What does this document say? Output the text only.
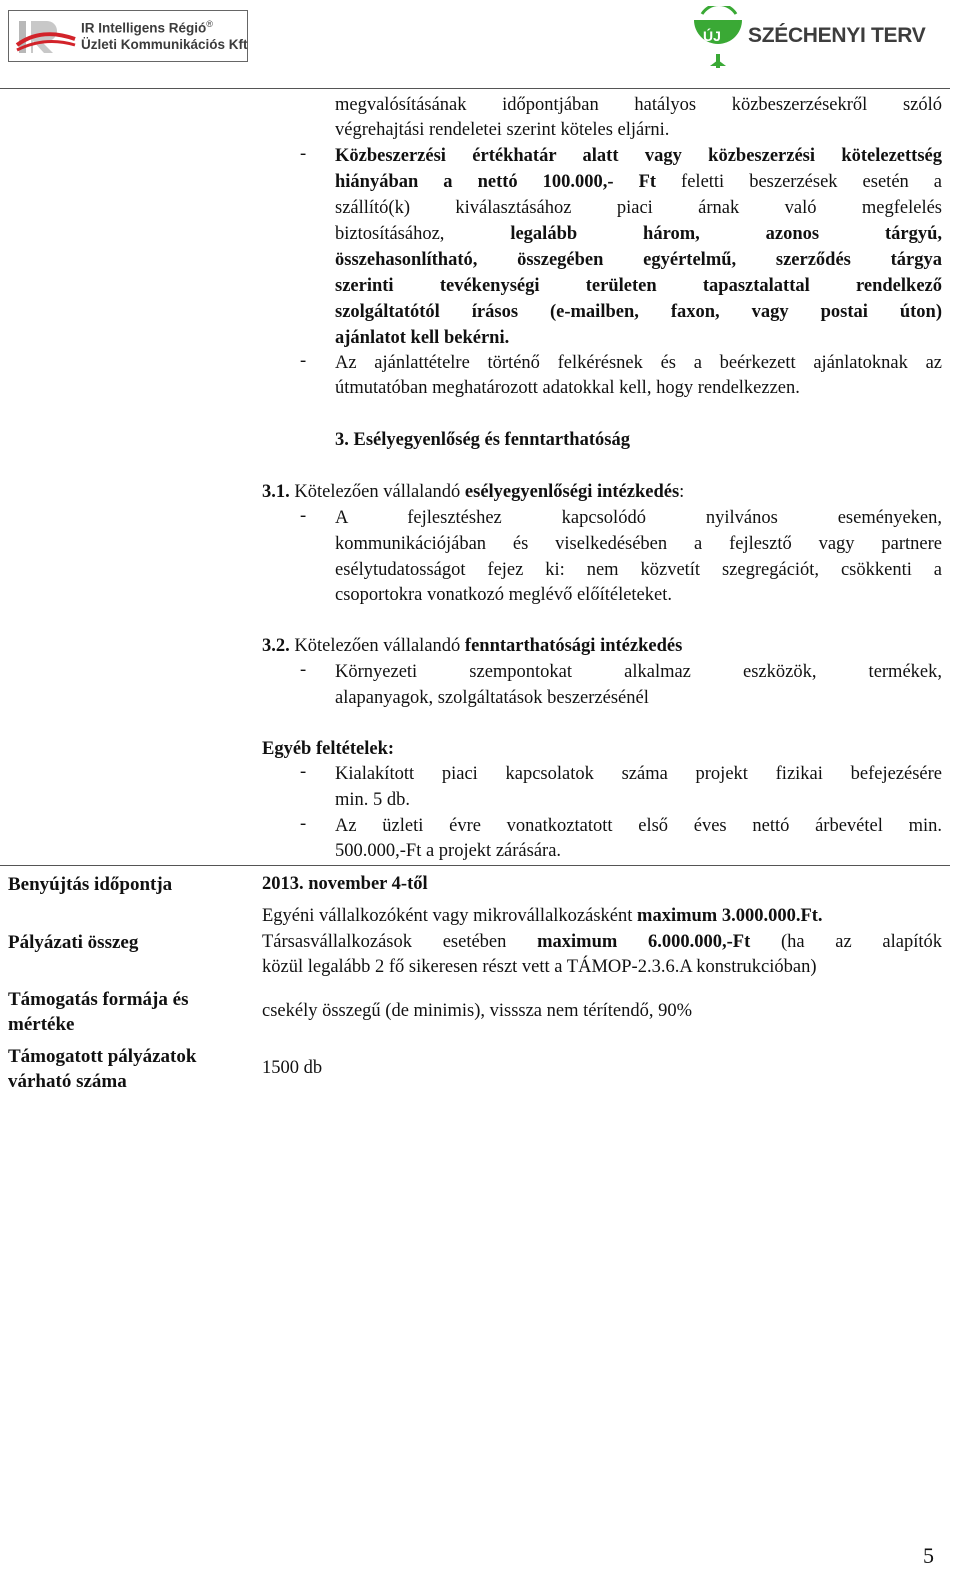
IR Intelligens Régió®
Üzleti Kommunikációs Kft
ÚJ SZÉCHENYI TERV
megvalósításának időpontjában hatályos közbeszerzésekről szóló
végrehajtási rendeletei szerint köteles eljárni.
- Közbeszerzési értékhatár alatt vagy közbeszerzési kötelezettség
hiányában a nettó 100.000,- Ft feletti beszerzések esetén a
szállító(k) kiválasztásához piaci árnak való megfelelés
biztosításához, legalább három, azonos tárgyú,
összehasonlítható, összegében egyértelmű, szerződés tárgya
szerinti tevékenységi területen tapasztalattal rendelkező
szolgáltatótól írásos (e-mailben, faxon, vagy postai úton)
ajánlatot kell bekérni.
- Az ajánlattételre történő felkérésnek és a beérkezett ajánlatoknak az
útmutatóban meghatározott adatokkal kell, hogy rendelkezzen.
3. Esélyegyenlőség és fenntarthatóság
3.1. Kötelezően vállalandó esélyegyenlőségi intézkedés:
- A fejlesztéshez kapcsolódó nyilvános eseményeken,
kommunikációjában és viselkedésében a fejlesztő vagy partnere
esélytudatosságot fejez ki: nem közvetít szegregációt, csökkenti a
csoportokra vonatkozó meglévő előítéleteket.
3.2. Kötelezően vállalandó fenntarthatósági intézkedés
- Környezeti szempontokat alkalmaz eszközök, termékek,
alapanyagok, szolgáltatások beszerzésénél
Egyéb feltételek:
- Kialakított piaci kapcsolatok száma projekt fizikai befejezésére
min. 5 db.
- Az üzleti évre vonatkoztatott első éves nettó árbevétel min.
500.000,-Ft a projekt zárására.
Benyújtás időpontja	2013. november 4-től
Pályázati összeg
Egyéni vállalkozóként vagy mikrovállalkozásként maximum 3.000.000.Ft.
Társasvállalkozások esetében maximum 6.000.000,-Ft (ha az alapítók
közül legalább 2 fő sikeresen részt vett a TÁMOP-2.3.6.A konstrukcióban)
Támogatás formája és
mértéke
csekély összegű (de minimis), visssza nem térítendő, 90%
Támogatott pályázatok
várható száma
1500 db
5
